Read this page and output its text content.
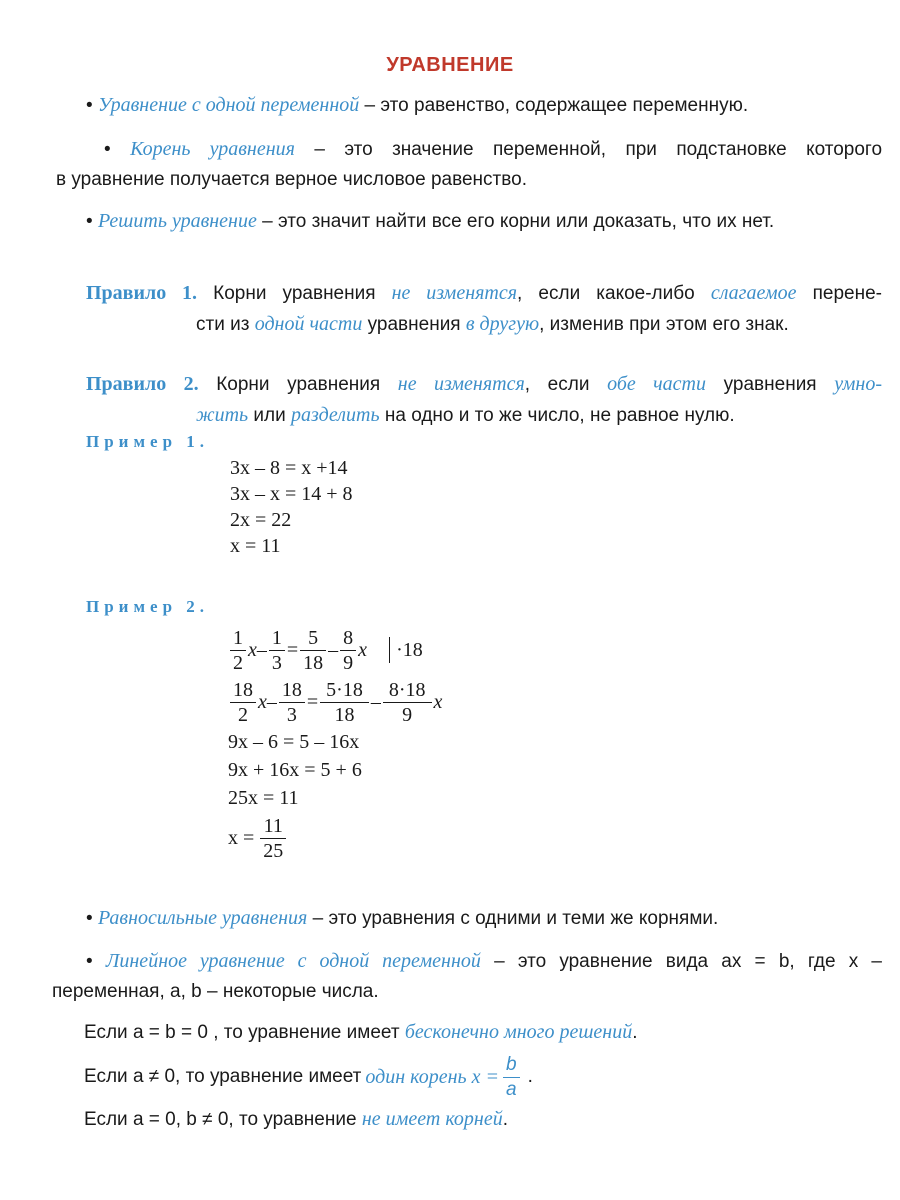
УРАВНЕНИЕ
• Уравнение с одной переменной – это равенство, содержащее переменную.
• Корень уравнения – это значение переменной, при подстановке которого
в уравнение получается верное числовое равенство.
• Решить уравнение – это значит найти все его корни или доказать, что их нет.
Правило 1. Корни уравнения не изменятся, если какое-либо слагаемое перене-
сти из одной части уравнения в другую, изменив при этом его знак.
Правило 2. Корни уравнения не изменятся, если обе части уравнения умно-
жить или разделить на одно и то же число, не равное нулю.
Пример 1.
3x – 8 = x +14
3x – x = 14 + 8
2x = 22
x = 11
Пример 2.
$\frac{1}{2}$ $x - \frac{1}{3} = \frac{5}{18} - \frac{8}{9}$ x	·18
$\frac{18}{2}$ $x - \frac{18}{3} = \frac{5\cdot 18}{18} - \frac{8\cdot 18}{9}$ x
9x – 6 = 5 – 16x
9x + 16x = 5 + 6
25x = 11
$x = \frac{11}{25}$
• Равносильные уравнения – это уравнения с одними и теми же корнями.
• Линейное уравнение с одной переменной – это уравнение вида ax = b, где x –
переменная, a, b – некоторые числа.
Если a = b = 0 , то уравнение имеет бесконечно много решений.
Если a ≠ 0, то уравнение имеет один корень $x = \frac{b}{a}$ .
Если a = 0, b ≠ 0, то уравнение не имеет корней.
